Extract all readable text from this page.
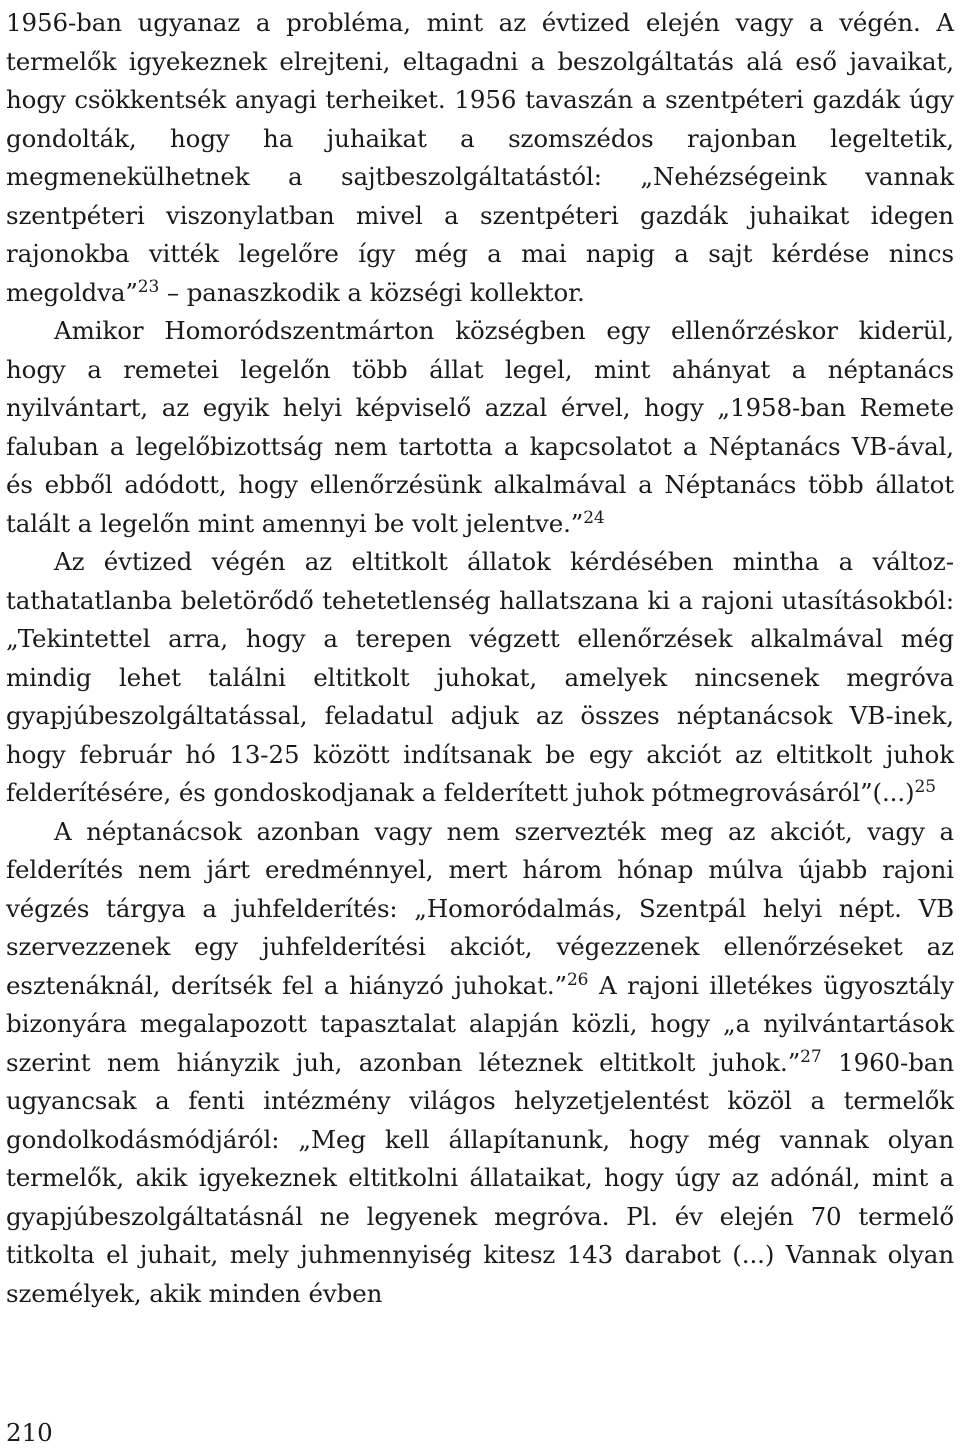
1956-ban ugyanaz a probléma, mint az évtized elején vagy a végén. A termelők igyekeznek elrejteni, eltagadni a beszolgáltatás alá eső javaikat, hogy csökkentsék anyagi terheiket. 1956 tavaszán a szentpéteri gazdák úgy gondolták, hogy ha juhaikat a szomszédos rajonban legeltetik, megmenekülhetnek a sajtbeszolgáltatástól: „Nehézségeink vannak szentpéteri viszonylatban mivel a szentpéteri gazdák juhaikat idegen rajonokba vitték legelőre így még a mai napig a sajt kérdése nincs megoldva”$^{23}$ – panaszkodik a községi kollektor.

Amikor Homoródszentmárton községben egy ellenőrzéskor kiderül, hogy a remetei legelőn több állat legel, mint ahányat a néptanács nyilvántart, az egyik helyi képviselő azzal érvel, hogy „1958-ban Remete faluban a legelőbizottság nem tartotta a kapcsolatot a Néptanács VB-ával, és ebből adódott, hogy ellenőrzésünk alkalmával a Néptanács több állatot talált a legelőn mint amennyi be volt jelentve.”$^{24}$

Az évtized végén az eltitkolt állatok kérdésében mintha a változtathatatlanba beletörődő tehetetlenség hallatszana ki a rajoni utasításokból: „Tekintettel arra, hogy a terepen végzett ellenőrzések alkalmával még mindig lehet találni eltitkolt juhokat, amelyek nincsenek megróva gyapjúbeszolgáltatással, feladatul adjuk az összes néptanácsok VB-inek, hogy február hó 13-25 között indítsanak be egy akciót az eltitkolt juhok felderítésére, és gondoskodjanak a felderített juhok pótmegrovásáról”(...)$^{25}$

A néptanácsok azonban vagy nem szervezték meg az akciót, vagy a felderítés nem járt eredménnyel, mert három hónap múlva újabb rajoni végzés tárgya a juhfelderítés: „Homoródalmás, Szentpál helyi népt. VB szervezzenek egy juhfelderítési akciót, végezzenek ellenőrzéseket az esztenáknál, derítsék fel a hiányzó juhokat.”$^{26}$ A rajoni illetékes ügyosztály bizonyára megalapozott tapasztalat alapján közli, hogy „a nyilvántartások szerint nem hiányzik juh, azonban léteznek eltitkolt juhok.”$^{27}$ 1960-ban ugyancsak a fenti intézmény világos helyzetjelentést közöl a termelők gondolkodásmódjáról: „Meg kell állapítanunk, hogy még vannak olyan termelők, akik igyekeznek eltitkolni állataikat, hogy úgy az adónál, mint a gyapjúbeszolgáltatásnál ne legyenek megróva. Pl. év elején 70 termelő titkolta el juhait, mely juhmennyiség kitesz 143 darabot (...) Vannak olyan személyek, akik minden évben

210
